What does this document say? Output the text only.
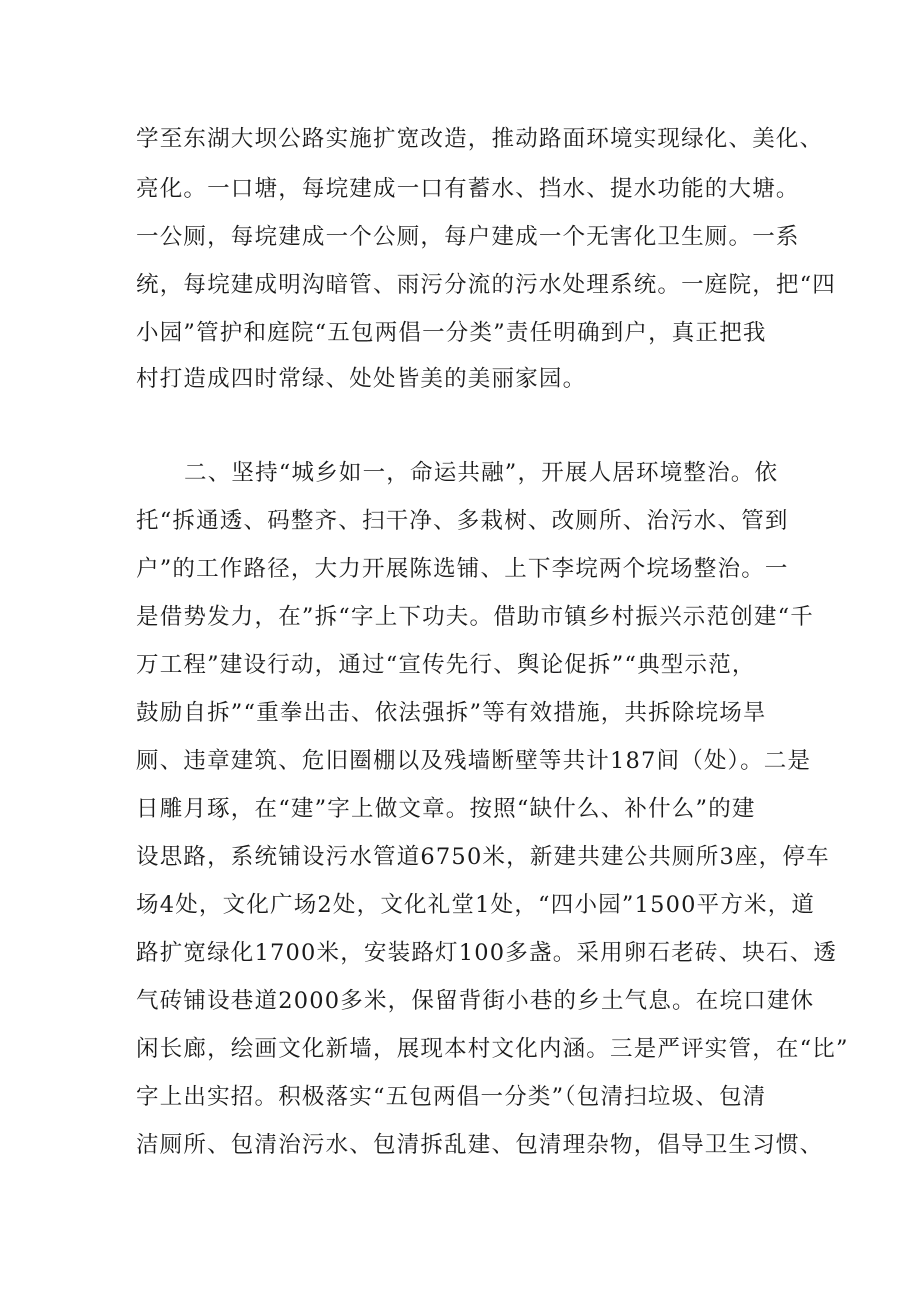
学至东湖大坝公路实施扩宽改造，推动路面环境实现绿化、美化、
亮化。一口塘，每垸建成一口有蓄水、挡水、提水功能的大塘。
一公厕，每垸建成一个公厕，每户建成一个无害化卫生厕。一系
统，每垸建成明沟暗管、雨污分流的污水处理系统。一庭院，把“四
小园”管护和庭院“五包两倡一分类”责任明确到户，真正把我
村打造成四时常绿、处处皆美的美丽家园。
二、坚持“城乡如一，命运共融”，开展人居环境整治。依
托“拆通透、码整齐、扫干净、多栽树、改厕所、治污水、管到
户”的工作路径，大力开展陈选铺、上下李垸两个垸场整治。一
是借势发力，在”拆“字上下功夫。借助市镇乡村振兴示范创建“千
万工程”建设行动，通过“宣传先行、舆论促拆”“典型示范，
鼓励自拆”“重拳出击、依法强拆”等有效措施，共拆除垸场旱
厕、违章建筑、危旧圈棚以及残墙断壁等共计187间（处）。二是
日雕月琢，在“建”字上做文章。按照“缺什么、补什么”的建
设思路，系统铺设污水管道6750米，新建共建公共厕所3座，停车
场4处，文化广场2处，文化礼堂1处，“四小园”1500平方米，道
路扩宽绿化1700米，安装路灯100多盏。采用卵石老砖、块石、透
气砖铺设巷道2000多米，保留背街小巷的乡土气息。在垸口建休
闲长廊，绘画文化新墙，展现本村文化内涵。三是严评实管，在“比”
字上出实招。积极落实“五包两倡一分类”（包清扫垃圾、包清
洁厕所、包清治污水、包清拆乱建、包清理杂物，倡导卫生习惯、
